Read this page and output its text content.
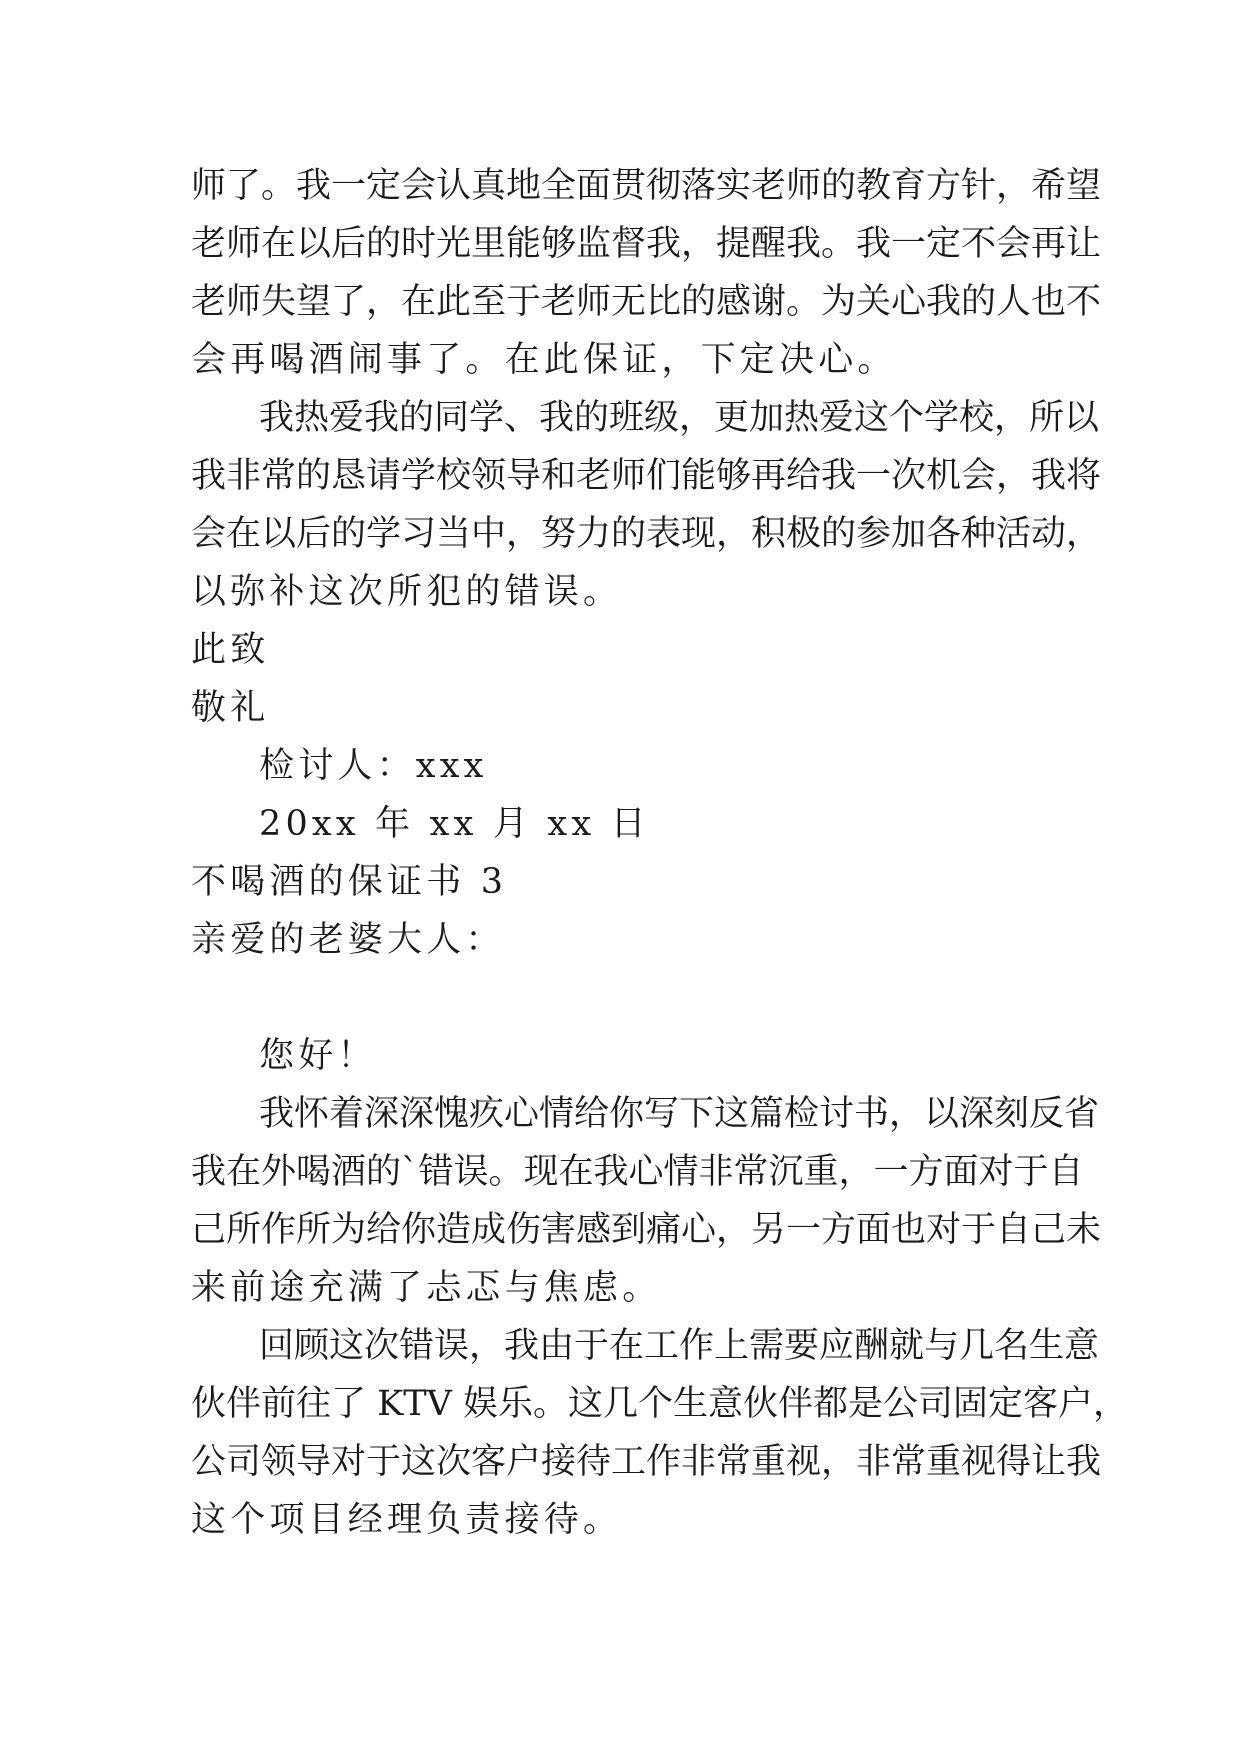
师了。我一定会认真地全面贯彻落实老师的教育方针，希望
老师在以后的时光里能够监督我，提醒我。我一定不会再让
老师失望了，在此至于老师无比的感谢。为关心我的人也不
会再喝酒闹事了。在此保证，下定决心。
我热爱我的同学、我的班级，更加热爱这个学校，所以
我非常的恳请学校领导和老师们能够再给我一次机会，我将
会在以后的学习当中，努力的表现，积极的参加各种活动，
以弥补这次所犯的错误。
此致
敬礼
检讨人：xxx
20xx 年 xx 月 xx 日
不喝酒的保证书 3
亲爱的老婆大人：
您好！
我怀着深深愧疚心情给你写下这篇检讨书，以深刻反省
我在外喝酒的`错误。现在我心情非常沉重，一方面对于自
己所作所为给你造成伤害感到痛心，另一方面也对于自己未
来前途充满了忐忑与焦虑。
回顾这次错误，我由于在工作上需要应酬就与几名生意
伙伴前往了 KTV 娱乐。这几个生意伙伴都是公司固定客户，
公司领导对于这次客户接待工作非常重视，非常重视得让我
这个项目经理负责接待。
